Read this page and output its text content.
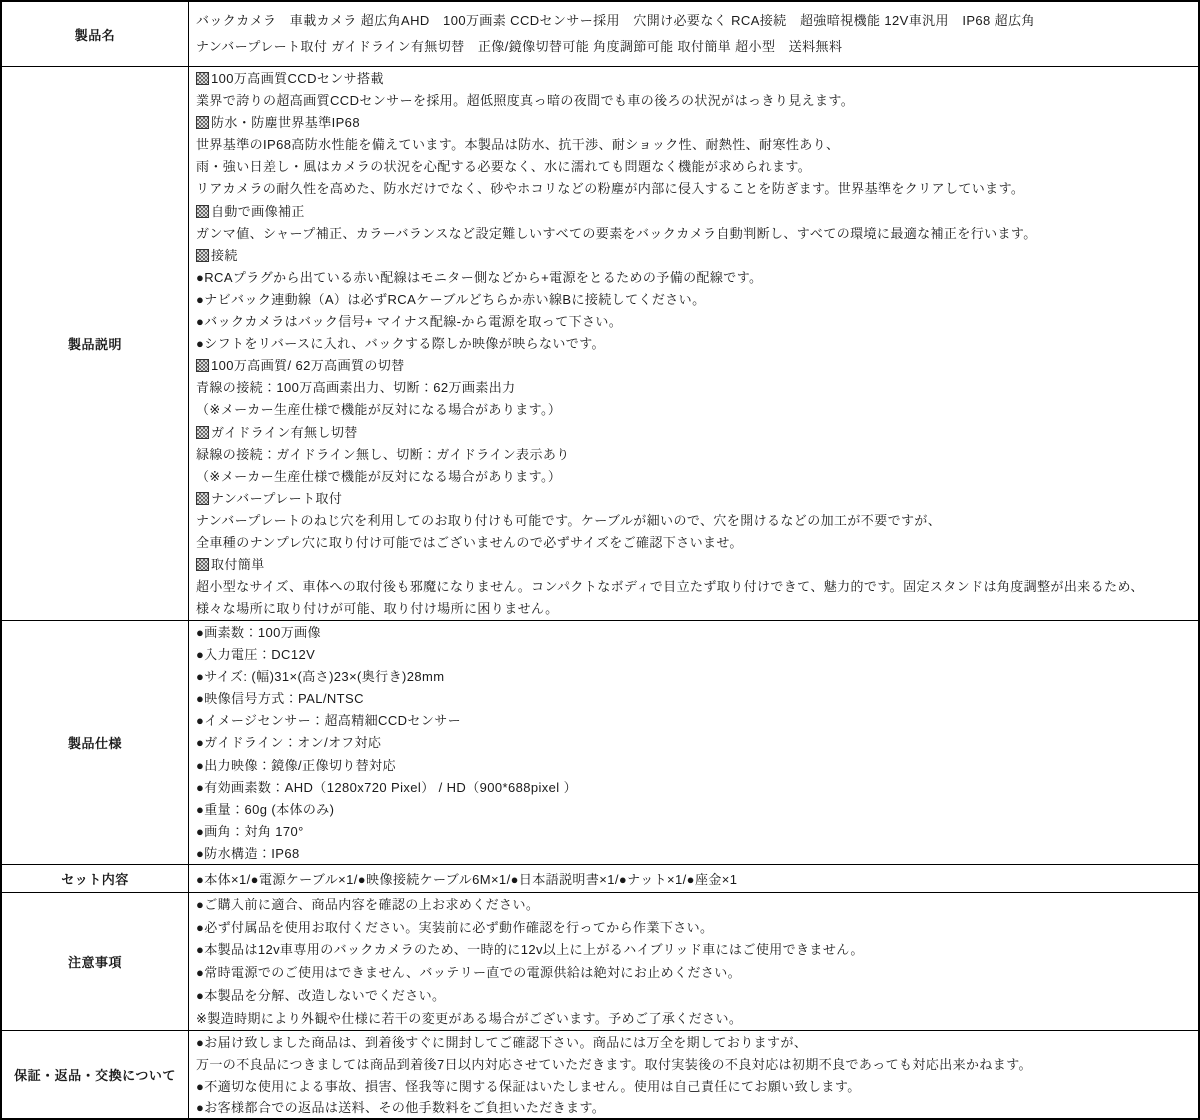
製品名
バックカメラ　車載カメラ 超広角AHD　100万画素 CCDセンサー採用　穴開け必要なく RCA接続　超強暗視機能 12V車汎用　IP68 超広角
ナンバープレート取付 ガイドライン有無切替　正像/鏡像切替可能 角度調節可能 取付簡単 超小型　送料無料
製品説明
100万高画質CCDセンサ搭載
業界で誇りの超高画質CCDセンサーを採用。超低照度真っ暗の夜間でも車の後ろの状況がはっきり見えます。
防水・防塵世界基準IP68
世界基準のIP68高防水性能を備えています。本製品は防水、抗干渉、耐ショック性、耐熱性、耐寒性あり、
雨・強い日差し・風はカメラの状況を心配する必要なく、水に濡れても問題なく機能が求められます。
リアカメラの耐久性を高めた、防水だけでなく、砂やホコリなどの粉塵が内部に侵入することを防ぎます。世界基準をクリアしています。
自動で画像補正
ガンマ値、シャープ補正、カラーバランスなど設定難しいすべての要素をバックカメラ自動判断し、すべての環境に最適な補正を行います。
接続
●RCAプラグから出ている赤い配線はモニター側などから+電源をとるための予備の配線です。
●ナビバック連動線（A）は必ずRCAケーブルどちらか赤い線Bに接続してください。
●バックカメラはバック信号+ マイナス配線-から電源を取って下さい。
●シフトをリバースに入れ、バックする際しか映像が映らないです。
100万高画質/ 62万高画質の切替
青線の接続：100万高画素出力、切断：62万画素出力
（※メーカー生産仕様で機能が反対になる場合があります。）
ガイドライン有無し切替
緑線の接続：ガイドライン無し、切断：ガイドライン表示あり
（※メーカー生産仕様で機能が反対になる場合があります。）
ナンバープレート取付
ナンバープレートのねじ穴を利用してのお取り付けも可能です。ケーブルが細いので、穴を開けるなどの加工が不要ですが、
全車種のナンプレ穴に取り付け可能ではございませんので必ずサイズをご確認下さいませ。
取付簡単
超小型なサイズ、車体への取付後も邪魔になりません。コンパクトなボディで目立たず取り付けできて、魅力的です。固定スタンドは角度調整が出来るため、
様々な場所に取り付けが可能、取り付け場所に困りません。
製品仕様
●画素数：100万画像
●入力電圧：DC12V
●サイズ: (幅)31×(高さ)23×(奥行き)28mm
●映像信号方式：PAL/NTSC
●イメージセンサー：超高精細CCDセンサー
●ガイドライン：オン/オフ対応
●出力映像：鏡像/正像切り替対応
●有効画素数：AHD（1280x720 Pixel） / HD（900*688pixel ）
●重量：60g (本体のみ)
●画角：対角 170°
●防水構造：IP68
セット内容	●本体×1/●電源ケーブル×1/●映像接続ケーブル6M×1/●日本語説明書×1/●ナット×1/●座金×1
注意事項
●ご購入前に適合、商品内容を確認の上お求めください。
●必ず付属品を使用お取付ください。実装前に必ず動作確認を行ってから作業下さい。
●本製品は12v車専用のバックカメラのため、一時的に12v以上に上がるハイブリッド車にはご使用できません。
●常時電源でのご使用はできません、バッテリー直での電源供給は絶対にお止めください。
●本製品を分解、改造しないでください。
※製造時期により外観や仕様に若干の変更がある場合がございます。予めご了承ください。
保証・返品・交換について
●お届け致しました商品は、到着後すぐに開封してご確認下さい。商品には万全を期しておりますが、
万一の不良品につきましては商品到着後7日以内対応させていただきます。取付実装後の不良対応は初期不良であっても対応出来かねます。
●不適切な使用による事故、損害、怪我等に関する保証はいたしません。使用は自己責任にてお願い致します。
●お客様都合での返品は送料、その他手数料をご負担いただきます。
